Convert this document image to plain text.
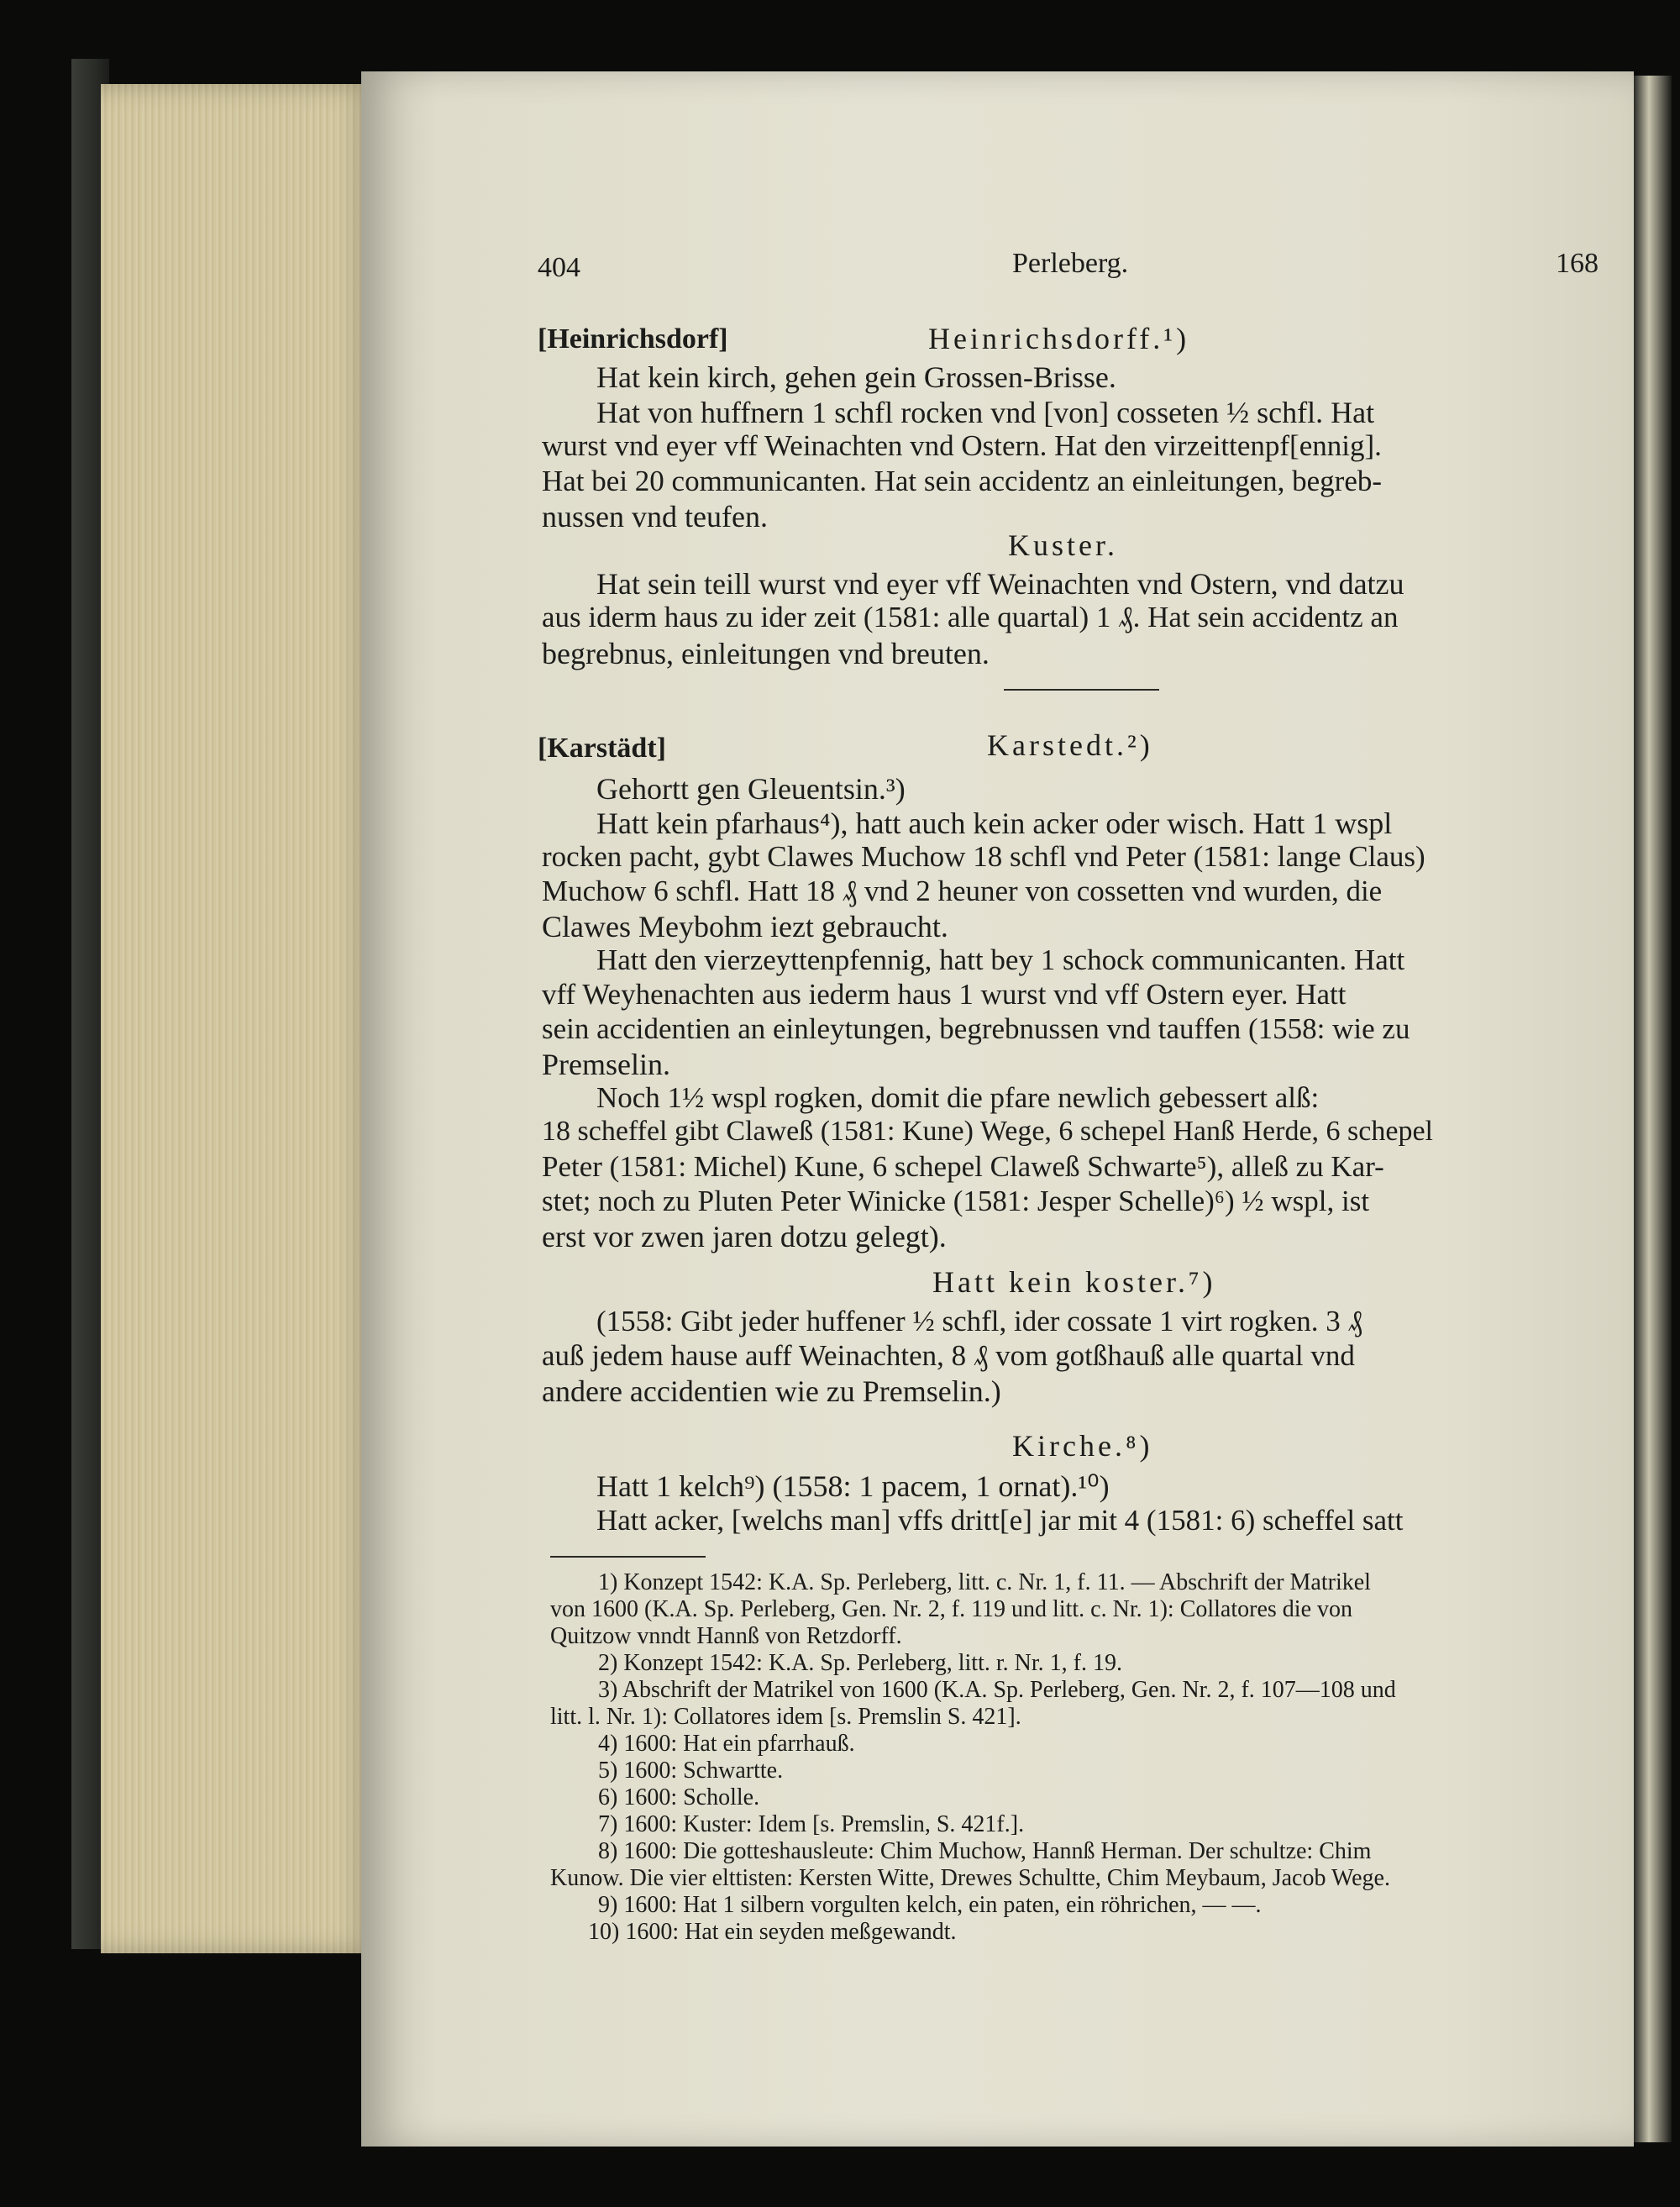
404	Perleberg.	168
[Heinrichsdorf]	Heinrichsdorff.¹)
Hat kein kirch, gehen gein Grossen-Brisse.
Hat von huffnern 1 schfl rocken vnd [von] cosseten ½ schfl. Hat
wurst vnd eyer vff Weinachten vnd Ostern. Hat den virzeittenpf[ennig].
Hat bei 20 communicanten. Hat sein accidentz an einleitungen, begreb-
nussen vnd teufen.
Kuster.
Hat sein teill wurst vnd eyer vff Weinachten vnd Ostern, vnd datzu
aus iderm haus zu ider zeit (1581: alle quartal) 1 ₰. Hat sein accidentz an
begrebnus, einleitungen vnd breuten.
[Karstädt]	Karstedt.²)
Gehortt gen Gleuentsin.³)
Hatt kein pfarhaus⁴), hatt auch kein acker oder wisch. Hatt 1 wspl
rocken pacht, gybt Clawes Muchow 18 schfl vnd Peter (1581: lange Claus)
Muchow 6 schfl. Hatt 18 ₰ vnd 2 heuner von cossetten vnd wurden, die
Clawes Meybohm iezt gebraucht.
Hatt den vierzeyttenpfennig, hatt bey 1 schock communicanten. Hatt
vff Weyhenachten aus iederm haus 1 wurst vnd vff Ostern eyer. Hatt
sein accidentien an einleytungen, begrebnussen vnd tauffen (1558: wie zu
Premselin.
Noch 1½ wspl rogken, domit die pfare newlich gebessert alß:
18 scheffel gibt Claweß (1581: Kune) Wege, 6 schepel Hanß Herde, 6 schepel
Peter (1581: Michel) Kune, 6 schepel Claweß Schwarte⁵), alleß zu Kar-
stet; noch zu Pluten Peter Winicke (1581: Jesper Schelle)⁶) ½ wspl, ist
erst vor zwen jaren dotzu gelegt).
Hatt kein koster.⁷)
(1558: Gibt jeder huffener ½ schfl, ider cossate 1 virt rogken. 3 ₰
auß jedem hause auff Weinachten, 8 ₰ vom gotßhauß alle quartal vnd
andere accidentien wie zu Premselin.)
Kirche.⁸)
Hatt 1 kelch⁹) (1558: 1 pacem, 1 ornat).¹⁰)
Hatt acker, [welchs man] vffs dritt[e] jar mit 4 (1581: 6) scheffel satt
1) Konzept 1542: K.A. Sp. Perleberg, litt. c. Nr. 1, f. 11. — Abschrift der Matrikel
von 1600 (K.A. Sp. Perleberg, Gen. Nr. 2, f. 119 und litt. c. Nr. 1): Collatores die von
Quitzow vnndt Hannß von Retzdorff.
2) Konzept 1542: K.A. Sp. Perleberg, litt. r. Nr. 1, f. 19.
3) Abschrift der Matrikel von 1600 (K.A. Sp. Perleberg, Gen. Nr. 2, f. 107—108 und
litt. l. Nr. 1): Collatores idem [s. Premslin S. 421].
4) 1600: Hat ein pfarrhauß.
5) 1600: Schwartte.
6) 1600: Scholle.
7) 1600: Kuster: Idem [s. Premslin, S. 421f.].
8) 1600: Die gotteshausleute: Chim Muchow, Hannß Herman. Der schultze: Chim
Kunow. Die vier elttisten: Kersten Witte, Drewes Schultte, Chim Meybaum, Jacob Wege.
9) 1600: Hat 1 silbern vorgulten kelch, ein paten, ein röhrichen, — —.
10) 1600: Hat ein seyden meßgewandt.
